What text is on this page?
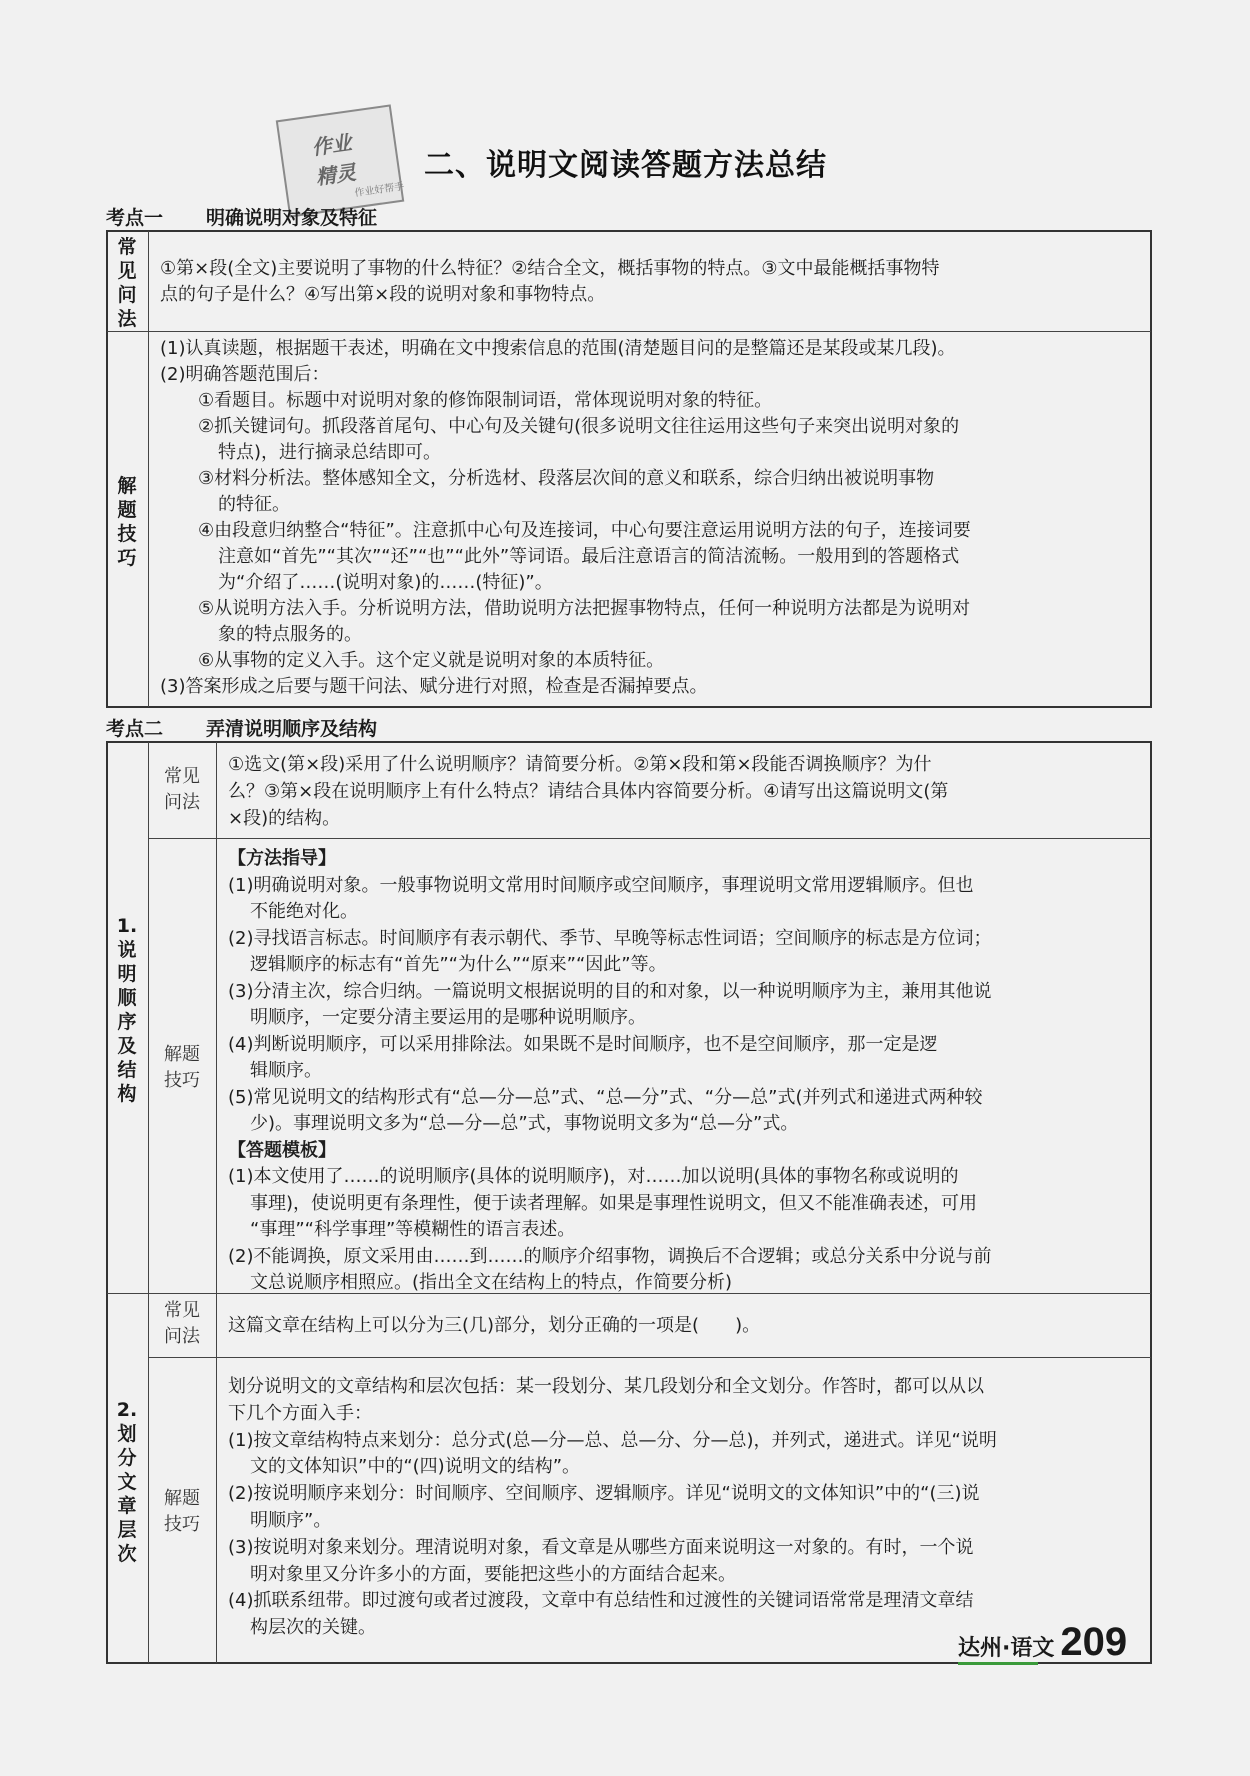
作业
精灵
作业好帮手
二、说明文阅读答题方法总结
考点一 明确说明对象及特征
常
见
问
法
解
题
技
巧
①第×段(全文)主要说明了事物的什么特征？②结合全文，概括事物的特点。③文中最能概括事物特
点的句子是什么？④写出第×段的说明对象和事物特点。
(1)认真读题，根据题干表述，明确在文中搜索信息的范围(清楚题目问的是整篇还是某段或某几段)。
(2)明确答题范围后：
①看题目。标题中对说明对象的修饰限制词语，常体现说明对象的特征。
②抓关键词句。抓段落首尾句、中心句及关键句(很多说明文往往运用这些句子来突出说明对象的
特点)，进行摘录总结即可。
③材料分析法。整体感知全文，分析选材、段落层次间的意义和联系，综合归纳出被说明事物
的特征。
④由段意归纳整合“特征”。注意抓中心句及连接词，中心句要注意运用说明方法的句子，连接词要
注意如“首先”“其次”“还”“也”“此外”等词语。最后注意语言的简洁流畅。一般用到的答题格式
为“介绍了……(说明对象)的……(特征)”。
⑤从说明方法入手。分析说明方法，借助说明方法把握事物特点，任何一种说明方法都是为说明对
象的特点服务的。
⑥从事物的定义入手。这个定义就是说明对象的本质特征。
(3)答案形成之后要与题干问法、赋分进行对照，检查是否漏掉要点。
考点二 弄清说明顺序及结构
1.
说
明
顺
序
及
结
构
2.
划
分
文
章
层
次
常见
问法
解题
技巧
常见
问法
解题
技巧
①选文(第×段)采用了什么说明顺序？请简要分析。②第×段和第×段能否调换顺序？为什
么？③第×段在说明顺序上有什么特点？请结合具体内容简要分析。④请写出这篇说明文(第
×段)的结构。
【方法指导】
(1)明确说明对象。一般事物说明文常用时间顺序或空间顺序，事理说明文常用逻辑顺序。但也
不能绝对化。
(2)寻找语言标志。时间顺序有表示朝代、季节、早晚等标志性词语；空间顺序的标志是方位词；
逻辑顺序的标志有“首先”“为什么”“原来”“因此”等。
(3)分清主次，综合归纳。一篇说明文根据说明的目的和对象，以一种说明顺序为主，兼用其他说
明顺序，一定要分清主要运用的是哪种说明顺序。
(4)判断说明顺序，可以采用排除法。如果既不是时间顺序，也不是空间顺序，那一定是逻
辑顺序。
(5)常见说明文的结构形式有“总—分—总”式、“总—分”式、“分—总”式(并列式和递进式两种较
少)。事理说明文多为“总—分—总”式，事物说明文多为“总—分”式。
【答题模板】
(1)本文使用了……的说明顺序(具体的说明顺序)，对……加以说明(具体的事物名称或说明的
事理)，使说明更有条理性，便于读者理解。如果是事理性说明文，但又不能准确表述，可用
“事理”“科学事理”等模糊性的语言表述。
(2)不能调换，原文采用由……到……的顺序介绍事物，调换后不合逻辑；或总分关系中分说与前
文总说顺序相照应。(指出全文在结构上的特点，作简要分析)
这篇文章在结构上可以分为三(几)部分，划分正确的一项是(　　)。
划分说明文的文章结构和层次包括：某一段划分、某几段划分和全文划分。作答时，都可以从以
下几个方面入手：
(1)按文章结构特点来划分：总分式(总—分—总、总—分、分—总)，并列式，递进式。详见“说明
文的文体知识”中的“(四)说明文的结构”。
(2)按说明顺序来划分：时间顺序、空间顺序、逻辑顺序。详见“说明文的文体知识”中的“(三)说
明顺序”。
(3)按说明对象来划分。理清说明对象，看文章是从哪些方面来说明这一对象的。有时，一个说
明对象里又分许多小的方面，要能把这些小的方面结合起来。
(4)抓联系纽带。即过渡句或者过渡段，文章中有总结性和过渡性的关键词语常常是理清文章结
构层次的关键。
达州·语文 209
